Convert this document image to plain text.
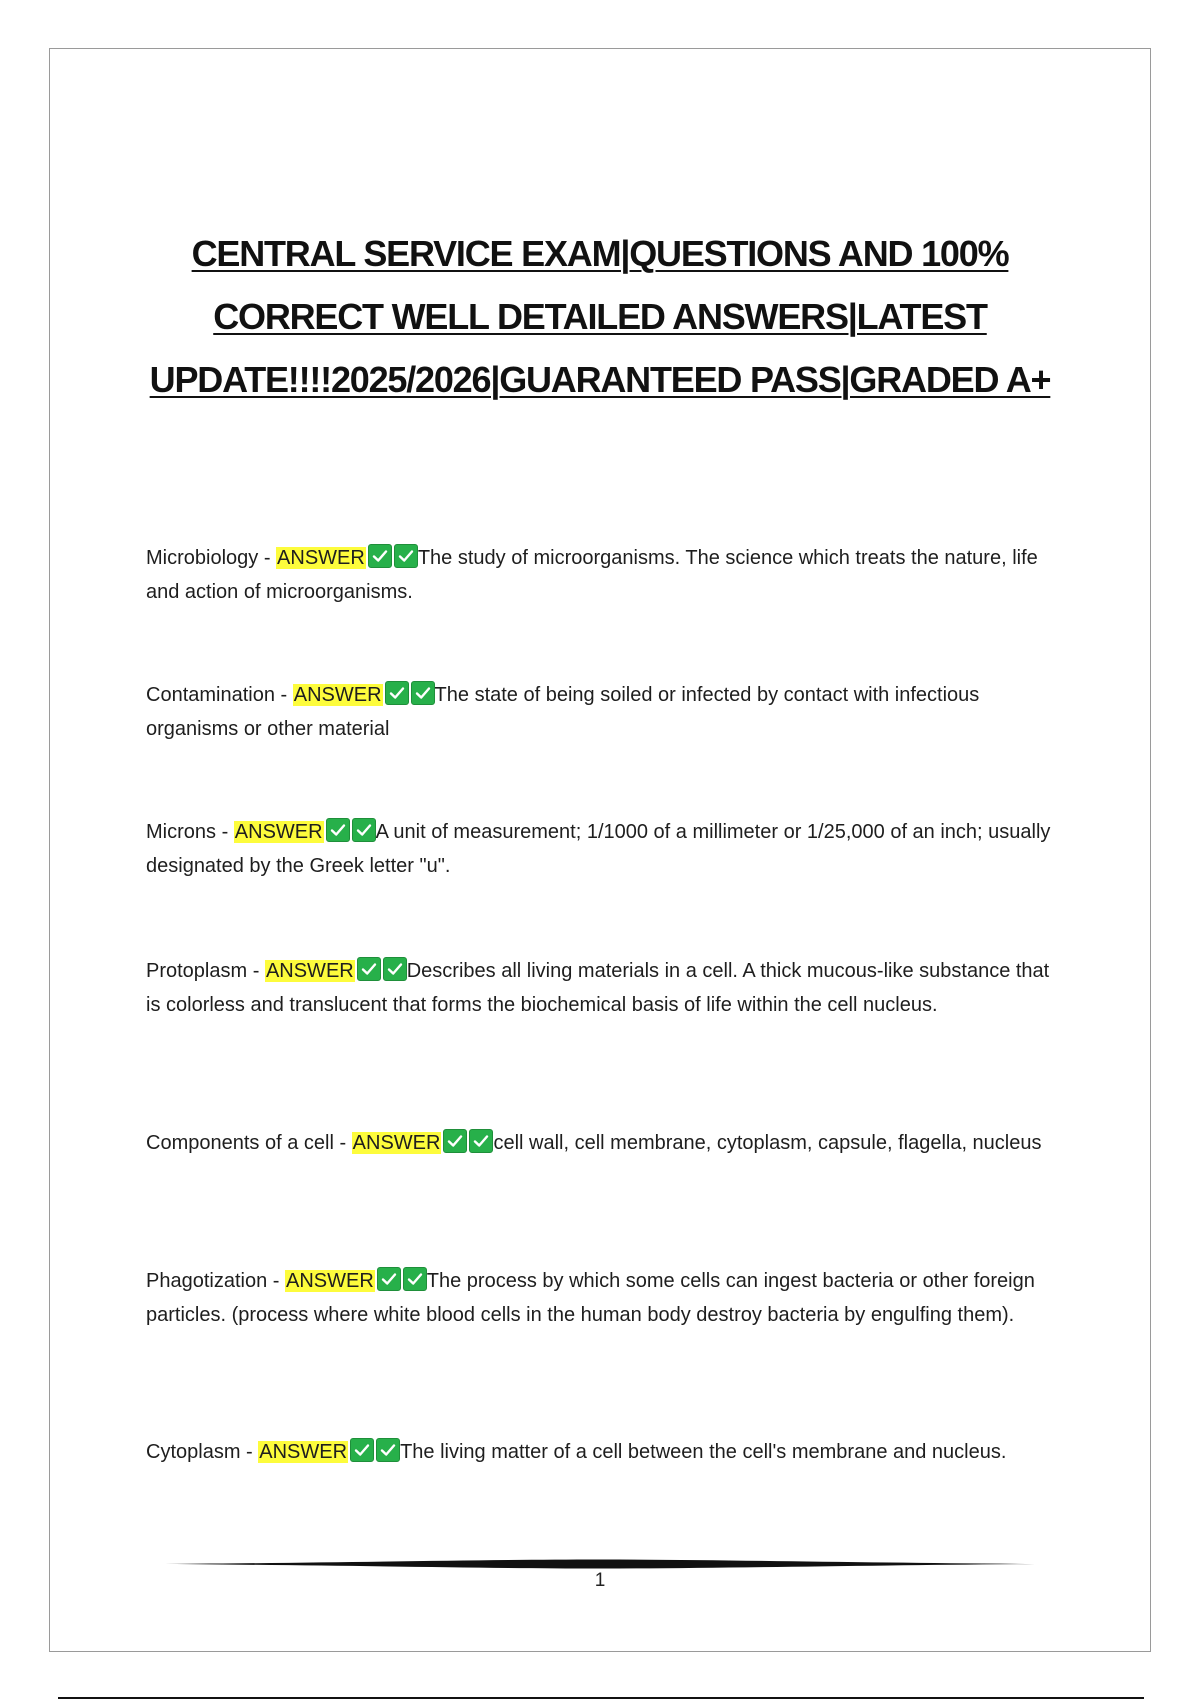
CENTRAL SERVICE EXAM|QUESTIONS AND 100% CORRECT WELL DETAILED ANSWERS|LATEST UPDATE!!!!2025/2026|GUARANTEED PASS|GRADED A+
Microbiology - ANSWER	The study of microorganisms. The science which treats the nature, life and action of microorganisms.
Contamination - ANSWER	The state of being soiled or infected by contact with infectious organisms or other material
Microns - ANSWER	A unit of measurement; 1/1000 of a millimeter or 1/25,000 of an inch; usually designated by the Greek letter "u".
Protoplasm - ANSWER	Describes all living materials in a cell. A thick mucous-like substance that is colorless and translucent that forms the biochemical basis of life within the cell nucleus.
Components of a cell - ANSWER	cell wall, cell membrane, cytoplasm, capsule, flagella, nucleus
Phagotization - ANSWER	The process by which some cells can ingest bacteria or other foreign particles. (process where white blood cells in the human body destroy bacteria by engulfing them).
Cytoplasm - ANSWER	The living matter of a cell between the cell's membrane and nucleus.
1
